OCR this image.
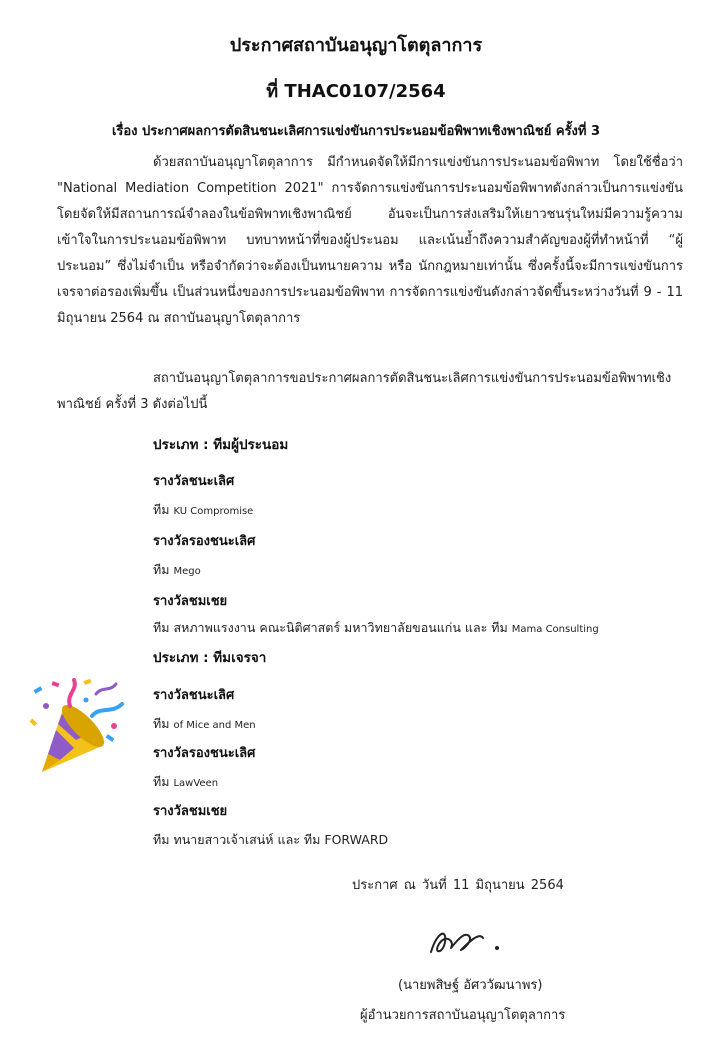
ประกาศสถาบันอนุญาโตตุลาการ
ที่ THAC0107/2564
เรื่อง ประกาศผลการตัดสินชนะเลิศการแข่งขันการประนอมข้อพิพาทเชิงพาณิชย์ ครั้งที่ 3
ด้วยสถาบันอนุญาโตตุลาการ มีกำหนดจัดให้มีการแข่งขันการประนอมข้อพิพาท โดยใช้ชื่อว่า "National Mediation Competition 2021" การจัดการแข่งขันการประนอมข้อพิพาทดังกล่าวเป็นการแข่งขันโดยจัดให้มีสถานการณ์จำลองในข้อพิพาทเชิงพาณิชย์ อันจะเป็นการส่งเสริมให้เยาวชนรุ่นใหม่มีความรู้ความเข้าใจในการประนอมข้อพิพาท บทบาทหน้าที่ของผู้ประนอม และเน้นย้ำถึงความสำคัญของผู้ที่ทำหน้าที่ “ผู้ประนอม” ซึ่งไม่จำเป็น หรือจำกัดว่าจะต้องเป็นทนายความ หรือ นักกฎหมายเท่านั้น ซึ่งครั้งนี้จะมีการแข่งขันการเจรจาต่อรองเพิ่มขึ้น เป็นส่วนหนึ่งของการประนอมข้อพิพาท การจัดการแข่งขันดังกล่าวจัดขึ้นระหว่างวันที่ 9 - 11 มิถุนายน 2564 ณ สถาบันอนุญาโตตุลาการ
สถาบันอนุญาโตตุลาการขอประกาศผลการตัดสินชนะเลิศการแข่งขันการประนอมข้อพิพาทเชิงพาณิชย์ ครั้งที่ 3 ดังต่อไปนี้
ประเภท : ทีมผู้ประนอม
รางวัลชนะเลิศ
ทีม KU Compromise
รางวัลรองชนะเลิศ
ทีม Mego
รางวัลชมเชย
ทีม สหภาพแรงงาน คณะนิติศาสตร์ มหาวิทยาลัยขอนแก่น และ ทีม Mama Consulting
ประเภท : ทีมเจรจา
รางวัลชนะเลิศ
ทีม of Mice and Men
รางวัลรองชนะเลิศ
ทีม LawVeen
รางวัลชมเชย
ทีม ทนายสาวเจ้าเสน่ห์ และ ทีม FORWARD
ประกาศ ณ วันที่ 11 มิถุนายน 2564
(นายพสิษฐ์ อัศววัฒนาพร)
ผู้อำนวยการสถาบันอนุญาโตตุลาการ
